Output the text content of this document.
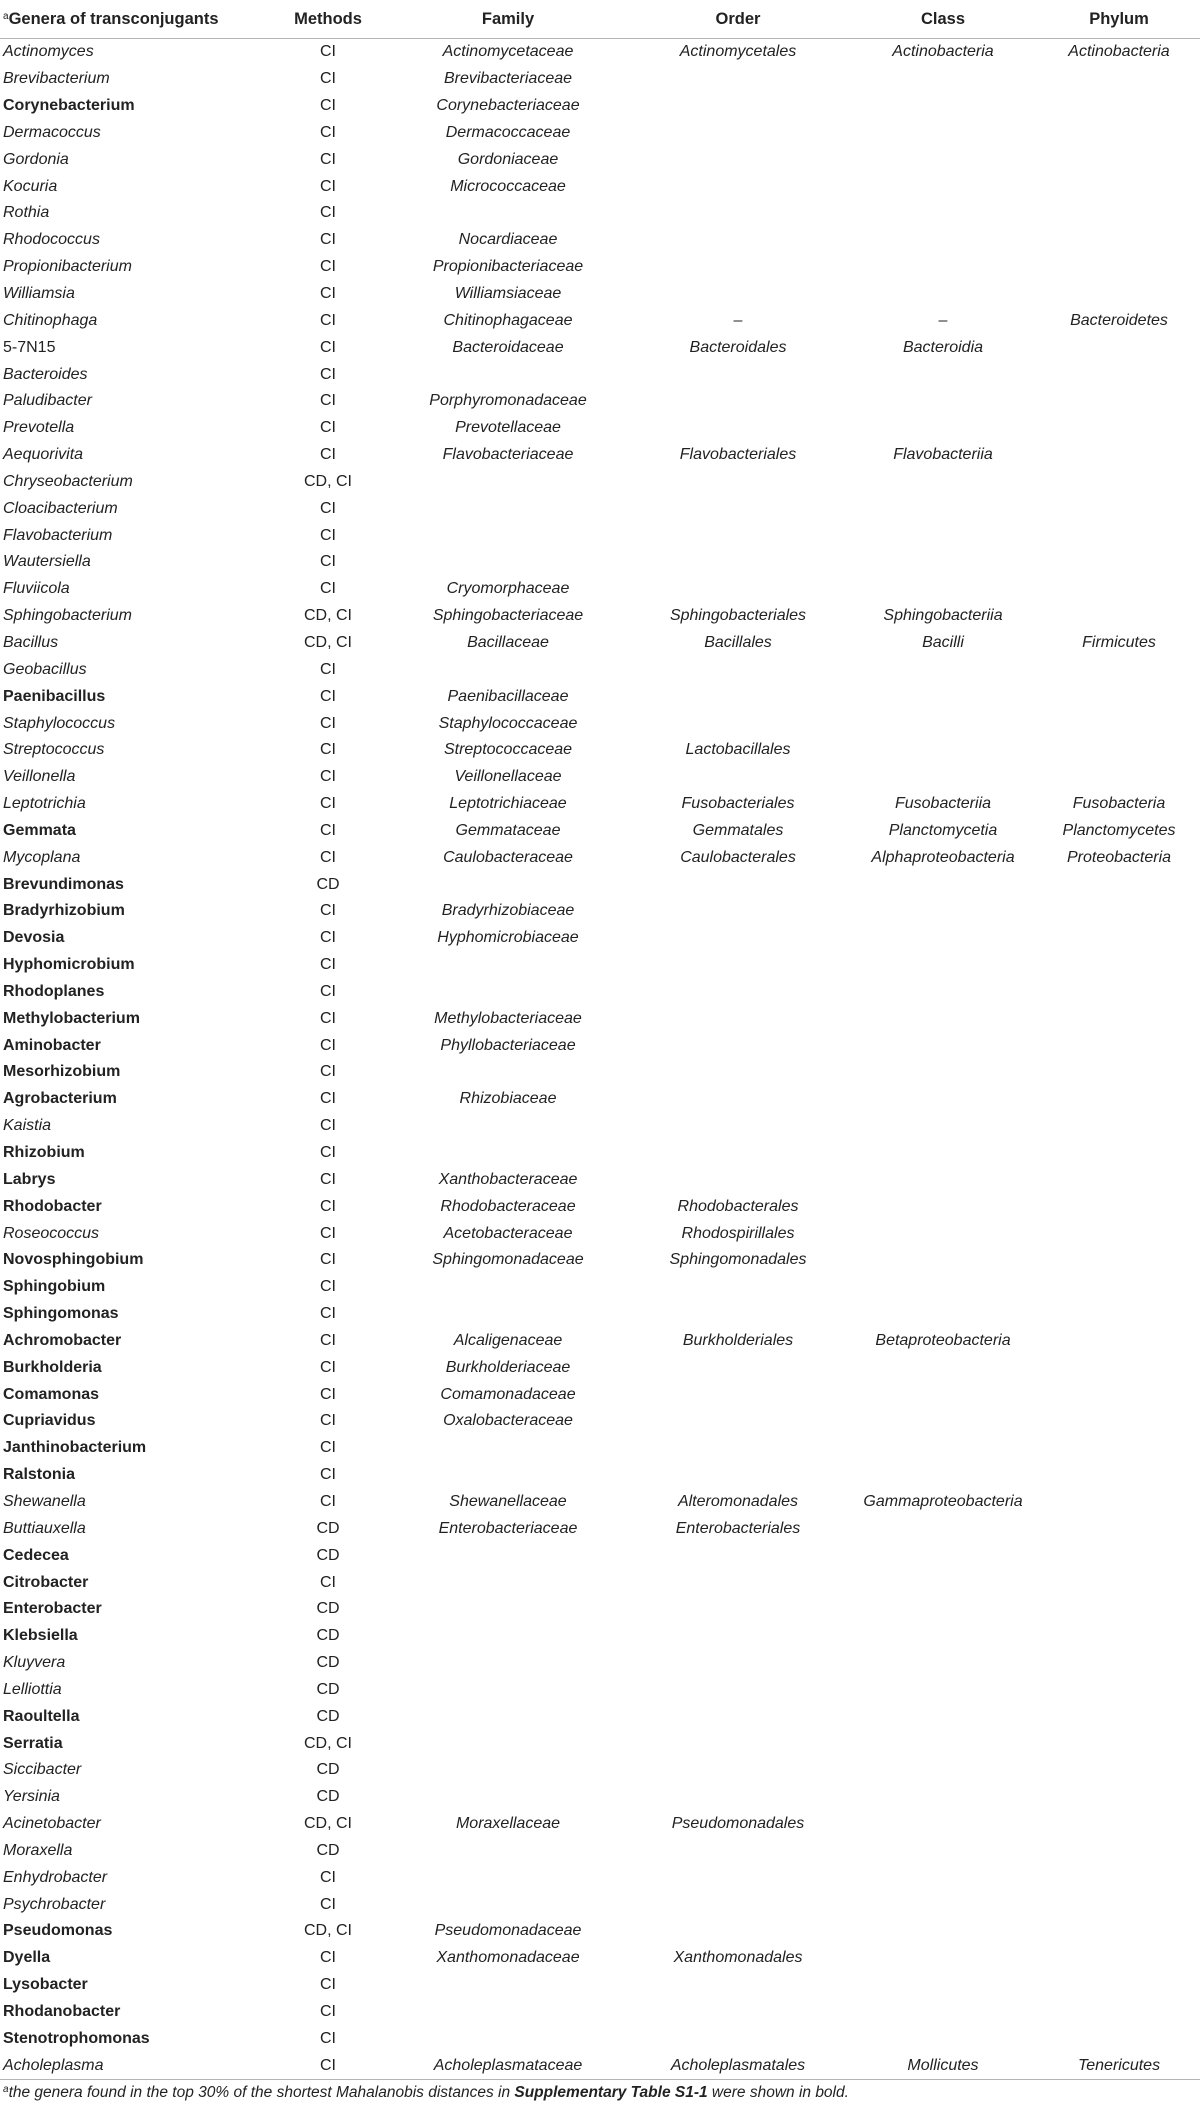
$^a$Genera of transconjugants	Methods	Family	Order	Class	Phylum
Actinomyces	CI	Actinomycetaceae	Actinomycetales	Actinobacteria	Actinobacteria
Brevibacterium	CI	Brevibacteriaceae			
Corynebacterium	CI	Corynebacteriaceae			
Dermacoccus	CI	Dermacoccaceae			
Gordonia	CI	Gordoniaceae			
Kocuria	CI	Micrococcaceae			
Rothia	CI				
Rhodococcus	CI	Nocardiaceae			
Propionibacterium	CI	Propionibacteriaceae			
Williamsia	CI	Williamsiaceae			
Chitinophaga	CI	Chitinophagaceae	–	–	Bacteroidetes
5-7N15	CI	Bacteroidaceae	Bacteroidales	Bacteroidia	
Bacteroides	CI				
Paludibacter	CI	Porphyromonadaceae			
Prevotella	CI	Prevotellaceae			
Aequorivita	CI	Flavobacteriaceae	Flavobacteriales	Flavobacteriia	
Chryseobacterium	CD, CI				
Cloacibacterium	CI				
Flavobacterium	CI				
Wautersiella	CI				
Fluviicola	CI	Cryomorphaceae			
Sphingobacterium	CD, CI	Sphingobacteriaceae	Sphingobacteriales	Sphingobacteriia	
Bacillus	CD, CI	Bacillaceae	Bacillales	Bacilli	Firmicutes
Geobacillus	CI				
Paenibacillus	CI	Paenibacillaceae			
Staphylococcus	CI	Staphylococcaceae			
Streptococcus	CI	Streptococcaceae	Lactobacillales		
Veillonella	CI	Veillonellaceae			
Leptotrichia	CI	Leptotrichiaceae	Fusobacteriales	Fusobacteriia	Fusobacteria
Gemmata	CI	Gemmataceae	Gemmatales	Planctomycetia	Planctomycetes
Mycoplana	CI	Caulobacteraceae	Caulobacterales	Alphaproteobacteria	Proteobacteria
Brevundimonas	CD				
Bradyrhizobium	CI	Bradyrhizobiaceae			
Devosia	CI	Hyphomicrobiaceae			
Hyphomicrobium	CI				
Rhodoplanes	CI				
Methylobacterium	CI	Methylobacteriaceae			
Aminobacter	CI	Phyllobacteriaceae			
Mesorhizobium	CI				
Agrobacterium	CI	Rhizobiaceae			
Kaistia	CI				
Rhizobium	CI				
Labrys	CI	Xanthobacteraceae			
Rhodobacter	CI	Rhodobacteraceae	Rhodobacterales		
Roseococcus	CI	Acetobacteraceae	Rhodospirillales		
Novosphingobium	CI	Sphingomonadaceae	Sphingomonadales		
Sphingobium	CI				
Sphingomonas	CI				
Achromobacter	CI	Alcaligenaceae	Burkholderiales	Betaproteobacteria	
Burkholderia	CI	Burkholderiaceae			
Comamonas	CI	Comamonadaceae			
Cupriavidus	CI	Oxalobacteraceae			
Janthinobacterium	CI				
Ralstonia	CI				
Shewanella	CI	Shewanellaceae	Alteromonadales	Gammaproteobacteria	
Buttiauxella	CD	Enterobacteriaceae	Enterobacteriales		
Cedecea	CD				
Citrobacter	CI				
Enterobacter	CD				
Klebsiella	CD				
Kluyvera	CD				
Lelliottia	CD				
Raoultella	CD				
Serratia	CD, CI				
Siccibacter	CD				
Yersinia	CD				
Acinetobacter	CD, CI	Moraxellaceae	Pseudomonadales		
Moraxella	CD				
Enhydrobacter	CI				
Psychrobacter	CI				
Pseudomonas	CD, CI	Pseudomonadaceae			
Dyella	CI	Xanthomonadaceae	Xanthomonadales		
Lysobacter	CI				
Rhodanobacter	CI				
Stenotrophomonas	CI				
Acholeplasma	CI	Acholeplasmataceae	Acholeplasmatales	Mollicutes	Tenericutes
$^a$the genera found in the top 30% of the shortest Mahalanobis distances in Supplementary Table S1-1 were shown in bold.
